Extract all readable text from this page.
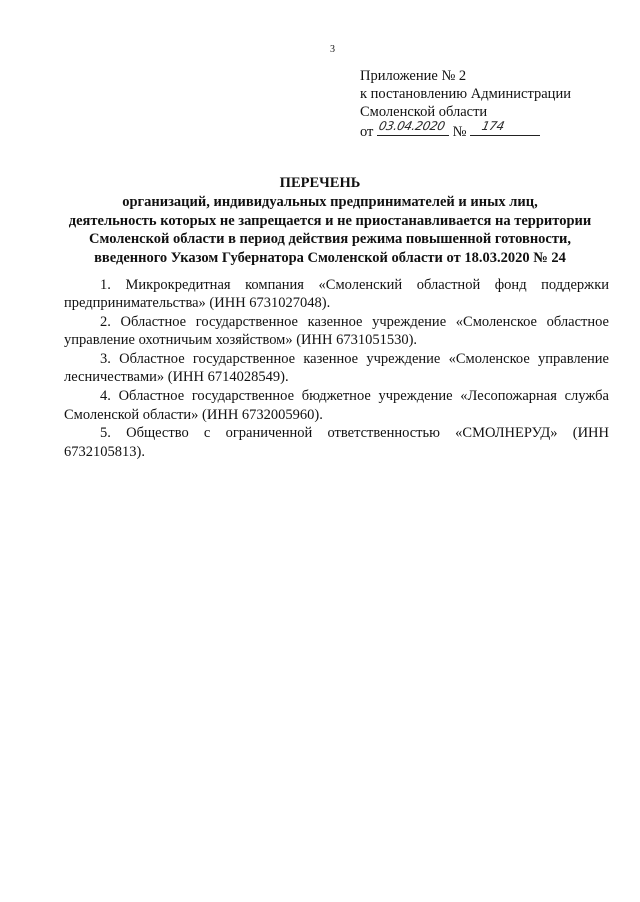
3
Приложение № 2
к постановлению Администрации
Смоленской области
от 03.04.2020 № 174
ПЕРЕЧЕНЬ
организаций, индивидуальных предпринимателей и иных лиц,
деятельность которых не запрещается и не приостанавливается на территории
Смоленской области в период действия режима повышенной готовности,
введенного Указом Губернатора Смоленской области от 18.03.2020 № 24
1. Микрокредитная компания «Смоленский областной фонд поддержки предпринимательства» (ИНН 6731027048).
2. Областное государственное казенное учреждение «Смоленское областное управление охотничьим хозяйством» (ИНН 6731051530).
3. Областное государственное казенное учреждение «Смоленское управление лесничествами» (ИНН 6714028549).
4. Областное государственное бюджетное учреждение «Лесопожарная служба Смоленской области» (ИНН 6732005960).
5. Общество с ограниченной ответственностью «СМОЛНЕРУД» (ИНН 6732105813).
